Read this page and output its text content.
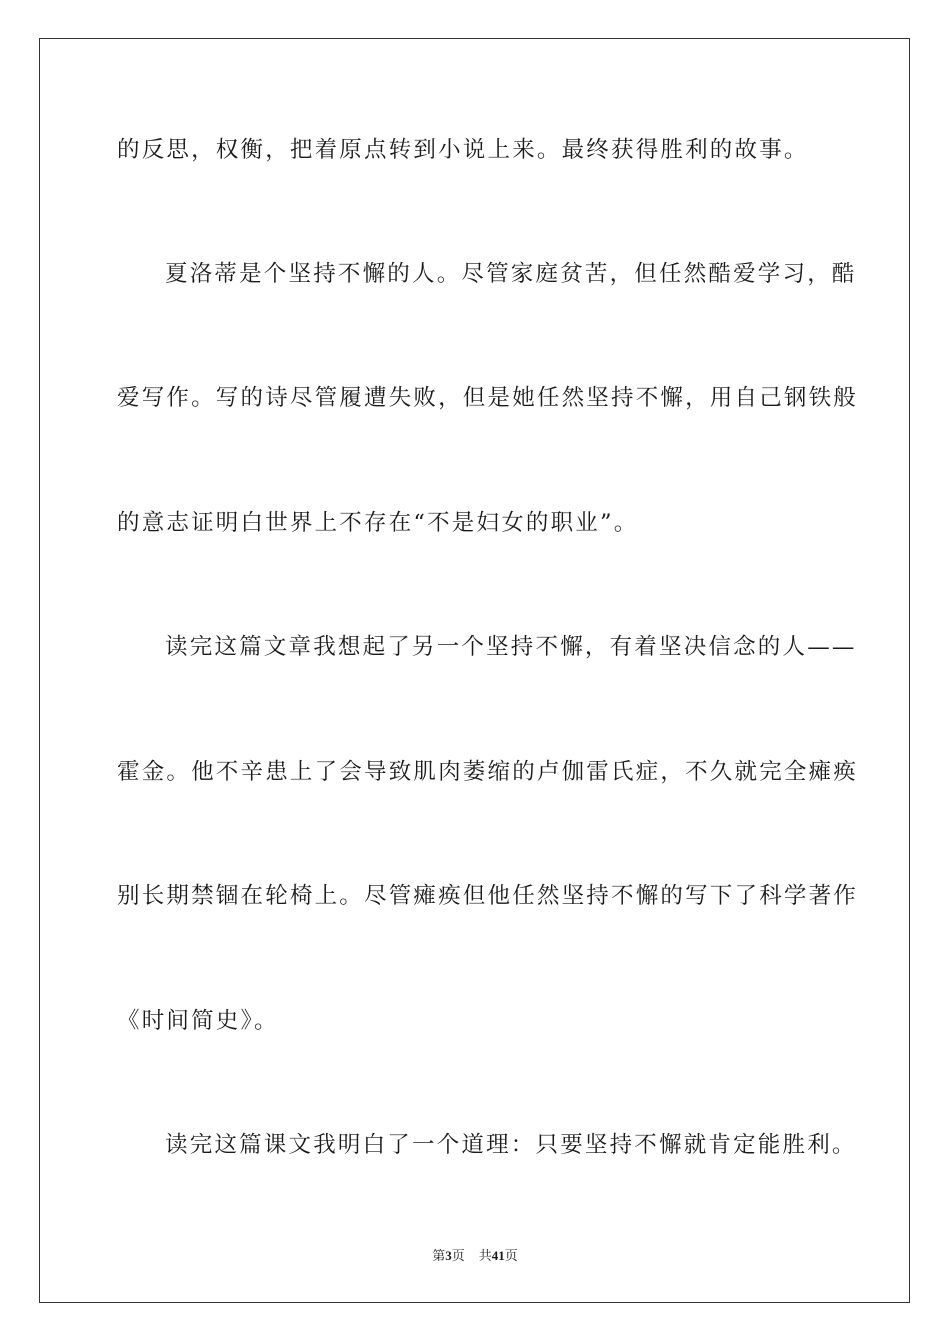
的反思，权衡，把着原点转到小说上来。最终获得胜利的故事。
夏洛蒂是个坚持不懈的人。尽管家庭贫苦，但任然酷爱学习，酷
爱写作。写的诗尽管履遭失败，但是她任然坚持不懈，用自己钢铁般
的意志证明白世界上不存在“不是妇女的职业”。
读完这篇文章我想起了另一个坚持不懈，有着坚决信念的人——
霍金。他不辛患上了会导致肌肉萎缩的卢伽雷氏症，不久就完全瘫痪
别长期禁锢在轮椅上。尽管瘫痪但他任然坚持不懈的写下了科学著作
《时间简史》。
读完这篇课文我明白了一个道理：只要坚持不懈就肯定能胜利。
第3页 共41页
